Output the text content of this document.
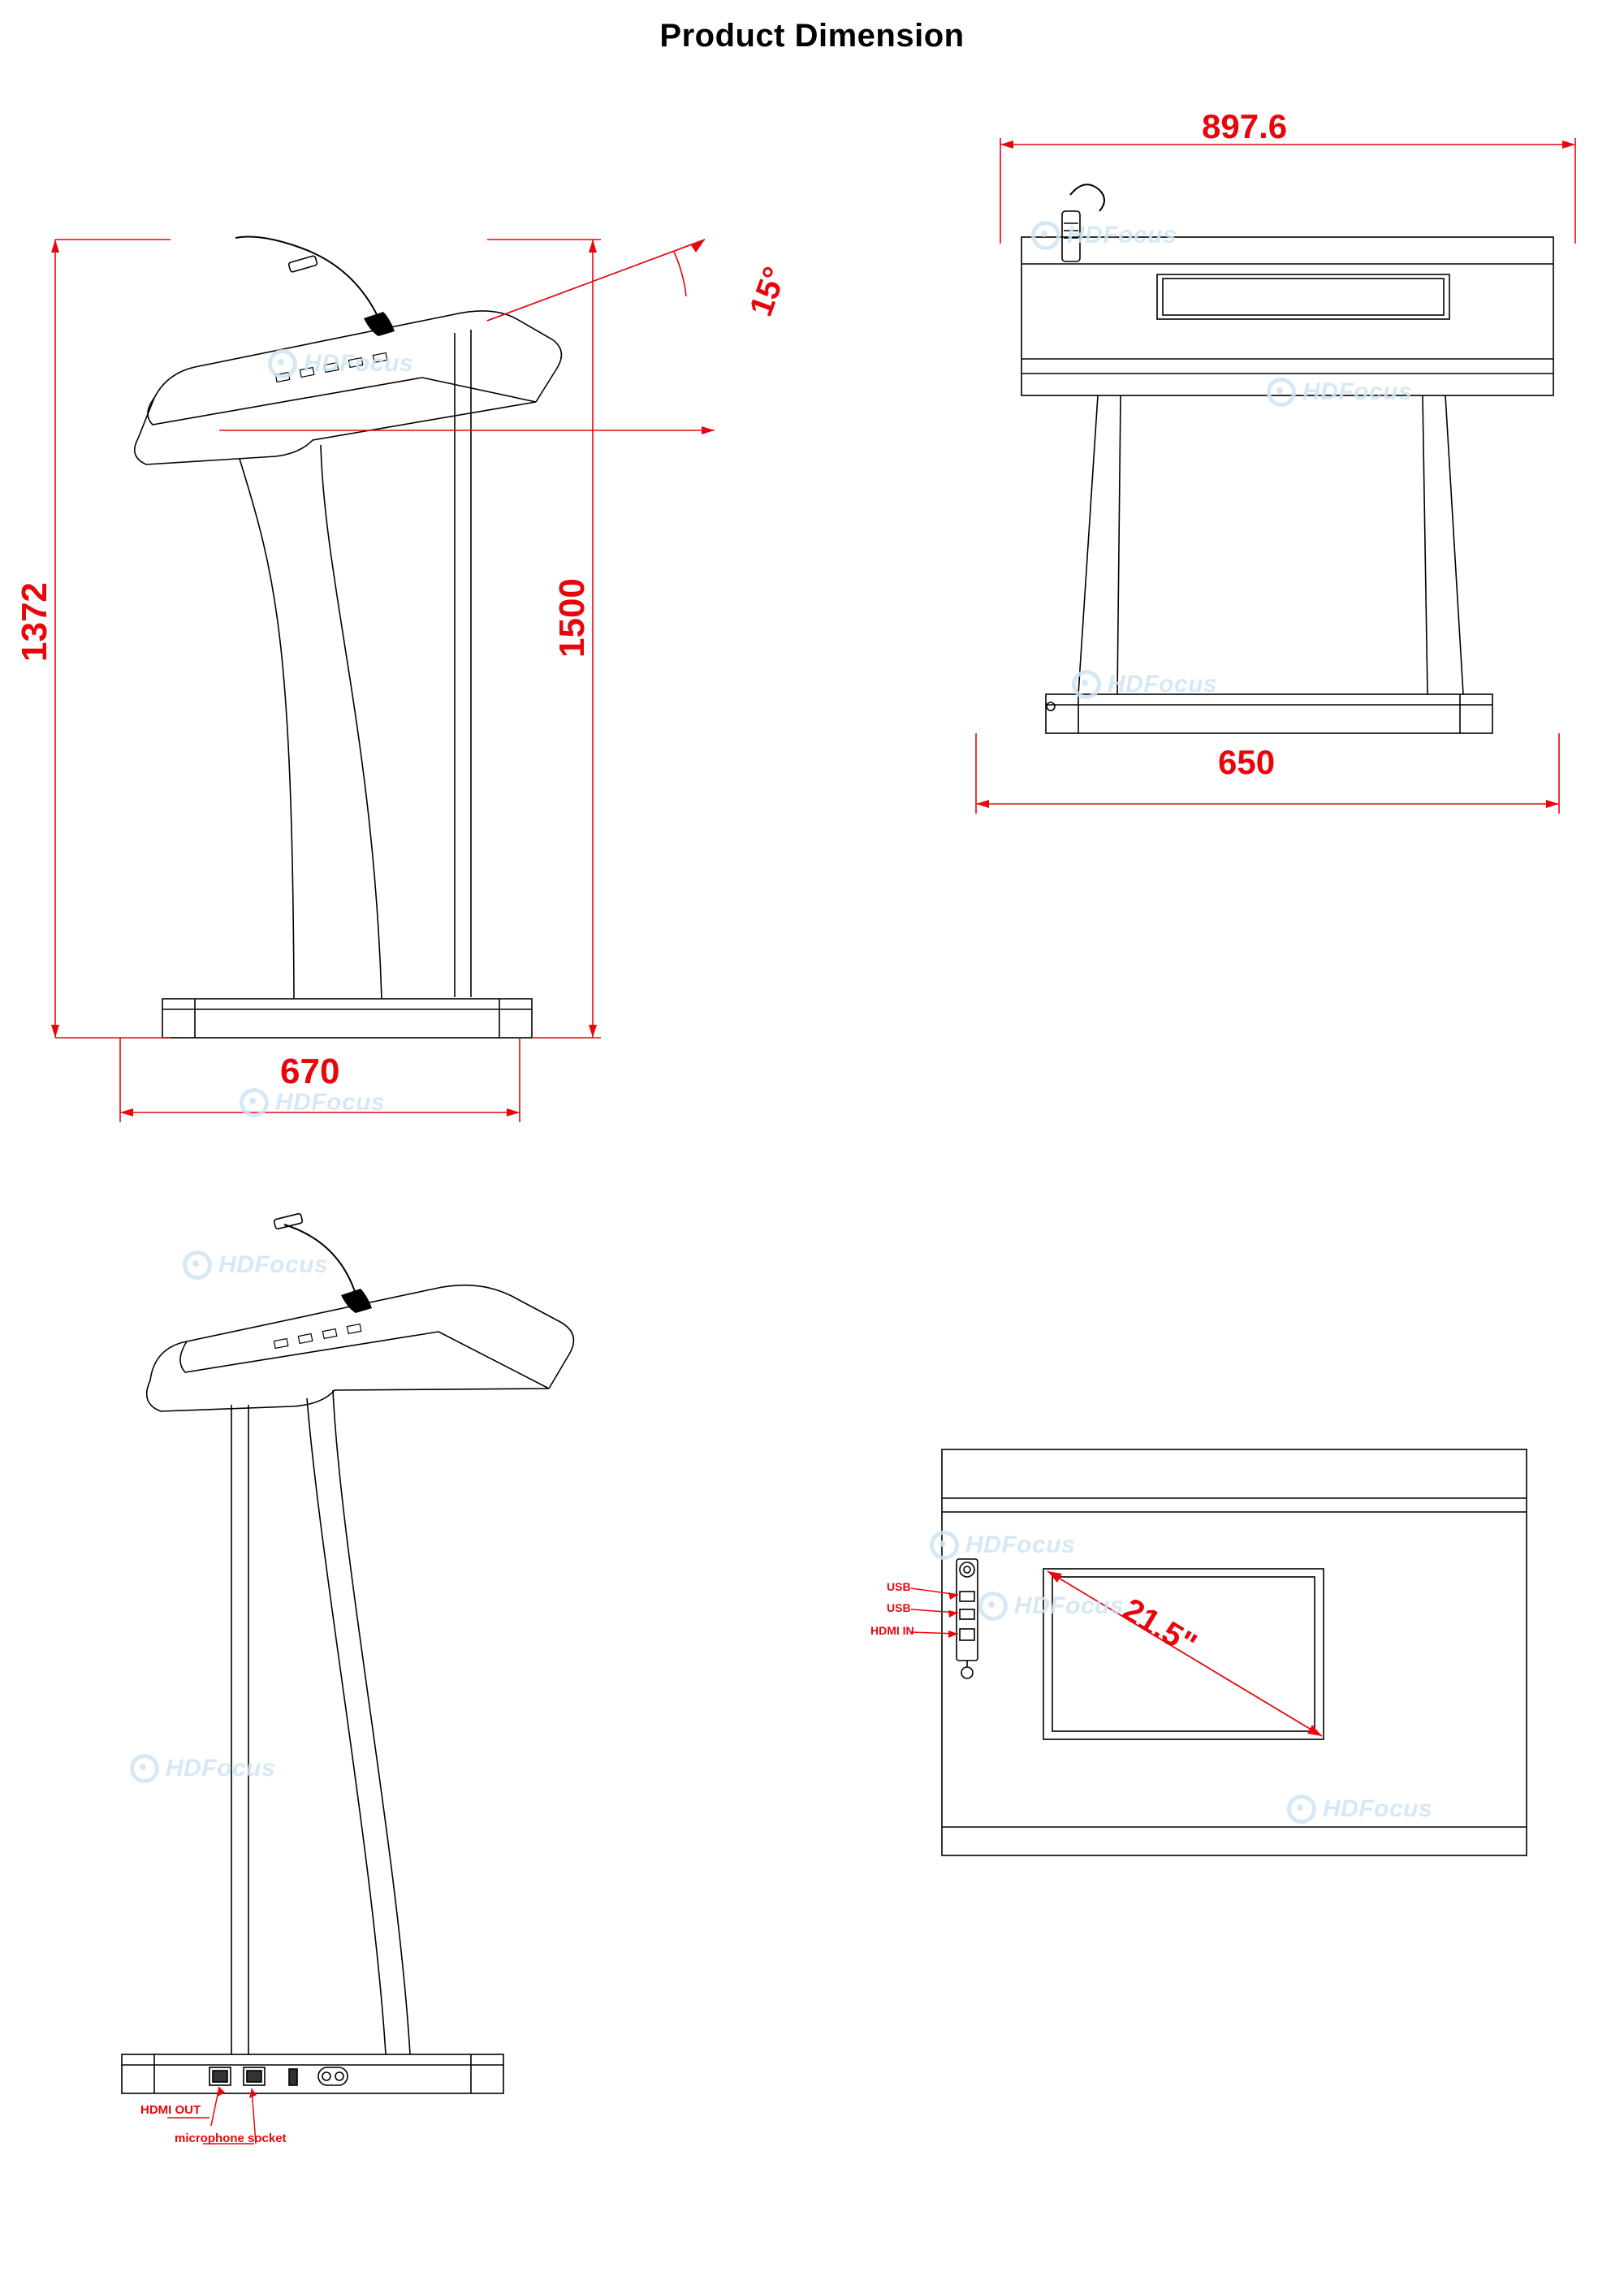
Product Dimension
1372	1500
670
15°
HDFocus
HDFocus
897.6
650
HDFocus
HDFocus
HDFocus
HDMI OUT
microphone socket
HDFocus
HDFocus
USB
USB
HDMI IN	21.5"
HDFocus
HDFocus
HDFocus
